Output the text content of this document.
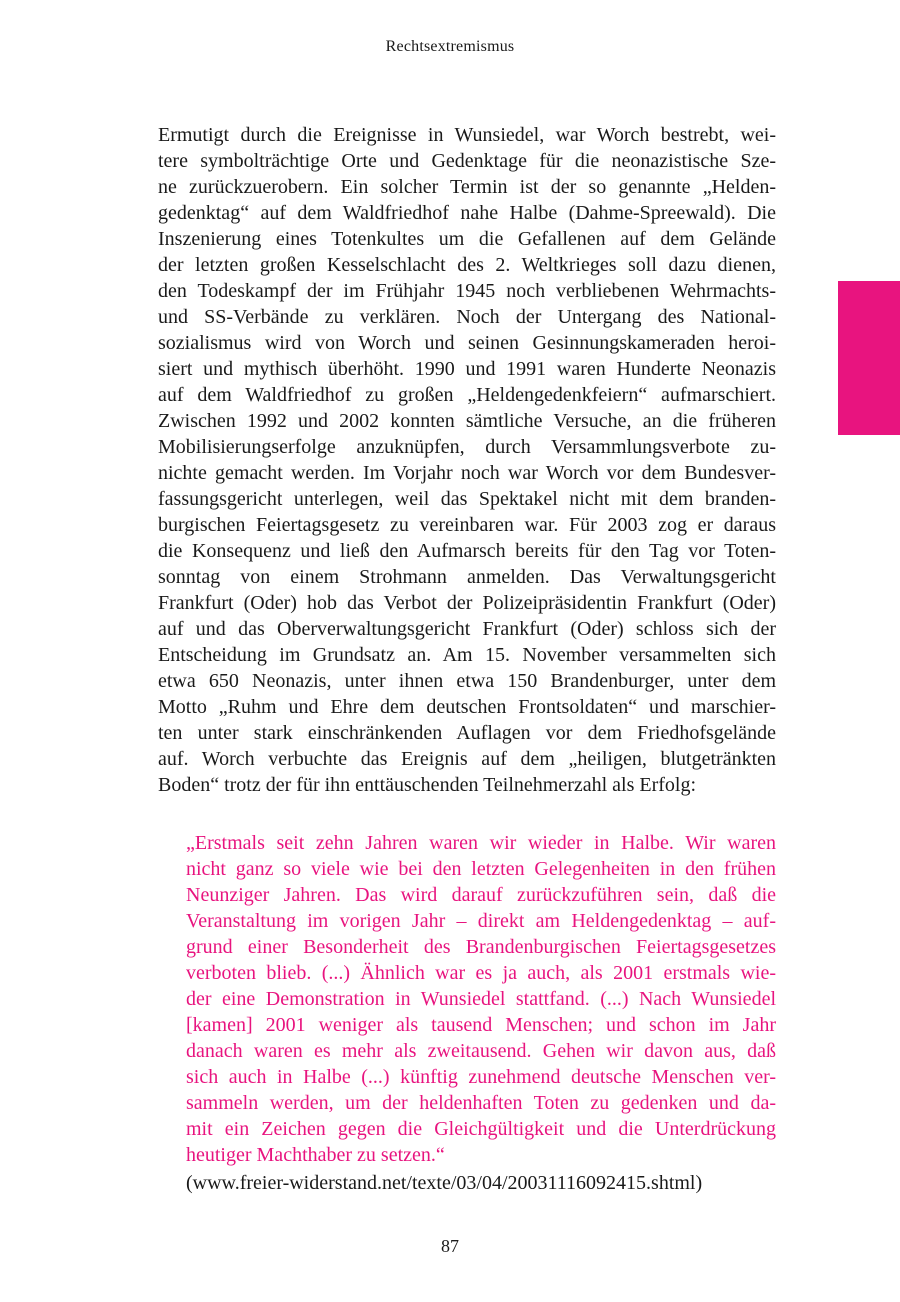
Rechtsextremismus
Ermutigt durch die Ereignisse in Wunsiedel, war Worch bestrebt, wei-
tere symbolträchtige Orte und Gedenktage für die neonazistische Sze-
ne zurückzuerobern. Ein solcher Termin ist der so genannte „Helden-
gedenktag“ auf dem Waldfriedhof nahe Halbe (Dahme-Spreewald). Die
Inszenierung eines Totenkultes um die Gefallenen auf dem Gelände
der letzten großen Kesselschlacht des 2. Weltkrieges soll dazu dienen,
den Todeskampf der im Frühjahr 1945 noch verbliebenen Wehrmachts-
und SS-Verbände zu verklären. Noch der Untergang des National-
sozialismus wird von Worch und seinen Gesinnungskameraden heroi-
siert und mythisch überhöht. 1990 und 1991 waren Hunderte Neonazis
auf dem Waldfriedhof zu großen „Heldengedenkfeiern“ aufmarschiert.
Zwischen 1992 und 2002 konnten sämtliche Versuche, an die früheren
Mobilisierungserfolge anzuknüpfen, durch Versammlungsverbote zu-
nichte gemacht werden. Im Vorjahr noch war Worch vor dem Bundesver-
fassungsgericht unterlegen, weil das Spektakel nicht mit dem branden-
burgischen Feiertagsgesetz zu vereinbaren war. Für 2003 zog er daraus
die Konsequenz und ließ den Aufmarsch bereits für den Tag vor Toten-
sonntag von einem Strohmann anmelden. Das Verwaltungsgericht
Frankfurt (Oder) hob das Verbot der Polizeipräsidentin Frankfurt (Oder)
auf und das Oberverwaltungsgericht Frankfurt (Oder) schloss sich der
Entscheidung im Grundsatz an. Am 15. November versammelten sich
etwa 650 Neonazis, unter ihnen etwa 150 Brandenburger, unter dem
Motto „Ruhm und Ehre dem deutschen Frontsoldaten“ und marschier-
ten unter stark einschränkenden Auflagen vor dem Friedhofsgelände
auf. Worch verbuchte das Ereignis auf dem „heiligen, blutgetränkten
Boden“ trotz der für ihn enttäuschenden Teilnehmerzahl als Erfolg:
„Erstmals seit zehn Jahren waren wir wieder in Halbe. Wir waren
nicht ganz so viele wie bei den letzten Gelegenheiten in den frühen
Neunziger Jahren. Das wird darauf zurückzuführen sein, daß die
Veranstaltung im vorigen Jahr – direkt am Heldengedenktag – auf-
grund einer Besonderheit des Brandenburgischen Feiertagsgesetzes
verboten blieb. (...) Ähnlich war es ja auch, als 2001 erstmals wie-
der eine Demonstration in Wunsiedel stattfand. (...) Nach Wunsiedel
[kamen] 2001 weniger als tausend Menschen; und schon im Jahr
danach waren es mehr als zweitausend. Gehen wir davon aus, daß
sich auch in Halbe (...) künftig zunehmend deutsche Menschen ver-
sammeln werden, um der heldenhaften Toten zu gedenken und da-
mit ein Zeichen gegen die Gleichgültigkeit und die Unterdrückung
heutiger Machthaber zu setzen.“
(www.freier-widerstand.net/texte/03/04/20031116092415.shtml)
87
